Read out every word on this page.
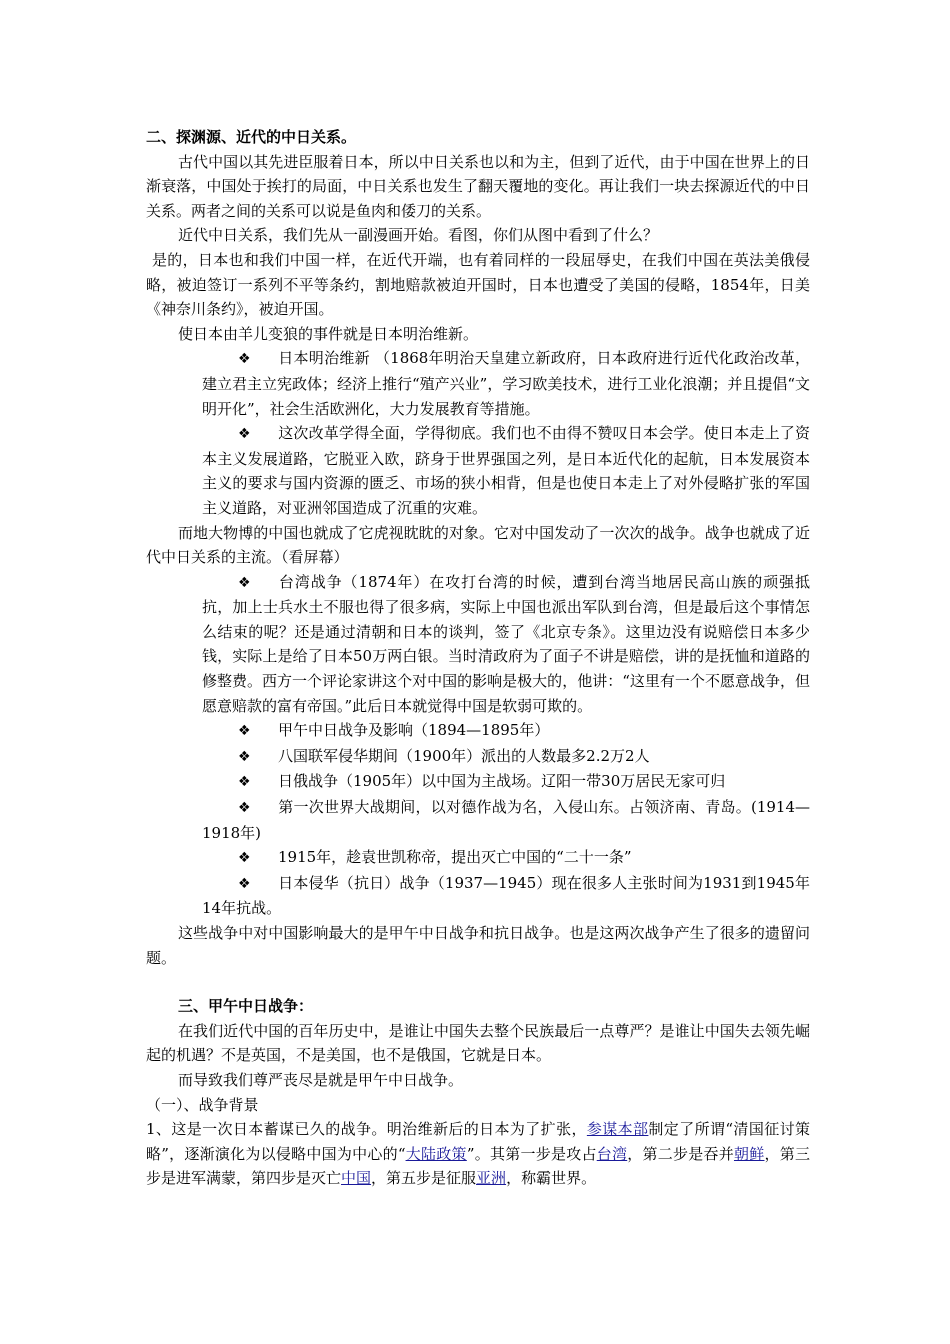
二、探渊源、近代的中日关系。

古代中国以其先进臣服着日本，所以中日关系也以和为主，但到了近代，由于中国在世界上的日渐衰落，中国处于挨打的局面，中日关系也发生了翻天覆地的变化。再让我们一块去探源近代的中日关系。两者之间的关系可以说是鱼肉和倭刀的关系。

近代中日关系，我们先从一副漫画开始。看图，你们从图中看到了什么？

是的，日本也和我们中国一样，在近代开端，也有着同样的一段屈辱史，在我们中国在英法美俄侵略，被迫签订一系列不平等条约，割地赔款被迫开国时，日本也遭受了美国的侵略，1854年，日美《神奈川条约》，被迫开国。

使日本由羊儿变狼的事件就是日本明治维新。

❖ 日本明治维新 （1868年明治天皇建立新政府，日本政府进行近代化政治改革，建立君主立宪政体；经济上推行“殖产兴业”，学习欧美技术，进行工业化浪潮；并且提倡“文明开化”，社会生活欧洲化，大力发展教育等措施。

❖ 这次改革学得全面，学得彻底。我们也不由得不赞叹日本会学。使日本走上了资本主义发展道路，它脱亚入欧，跻身于世界强国之列，是日本近代化的起航，日本发展资本主义的要求与国内资源的匮乏、市场的狭小相背，但是也使日本走上了对外侵略扩张的军国主义道路，对亚洲邻国造成了沉重的灾难。

而地大物博的中国也就成了它虎视眈眈的对象。它对中国发动了一次次的战争。战争也就成了近代中日关系的主流。（看屏幕）

❖ 台湾战争（1874年）在攻打台湾的时候，遭到台湾当地居民高山族的顽强抵抗，加上士兵水土不服也得了很多病，实际上中国也派出军队到台湾，但是最后这个事情怎么结束的呢？还是通过清朝和日本的谈判，签了《北京专条》。这里边没有说赔偿日本多少钱，实际上是给了日本50万两白银。当时清政府为了面子不讲是赔偿，讲的是抚恤和道路的修整费。西方一个评论家讲这个对中国的影响是极大的，他讲：“这里有一个不愿意战争，但愿意赔款的富有帝国。”此后日本就觉得中国是软弱可欺的。

❖ 甲午中日战争及影响（1894—1895年）

❖ 八国联军侵华期间（1900年）派出的人数最多2.2万2人

❖ 日俄战争（1905年）以中国为主战场。辽阳一带30万居民无家可归

❖ 第一次世界大战期间，以对德作战为名，入侵山东。占领济南、青岛。(1914—1918年)

❖ 1915年，趁袁世凯称帝，提出灭亡中国的“二十一条”

❖ 日本侵华（抗日）战争（1937—1945）现在很多人主张时间为1931到1945年14年抗战。

这些战争中对中国影响最大的是甲午中日战争和抗日战争。也是这两次战争产生了很多的遗留问题。

三、甲午中日战争：

在我们近代中国的百年历史中，是谁让中国失去整个民族最后一点尊严？是谁让中国失去领先崛起的机遇？不是英国，不是美国，也不是俄国，它就是日本。

而导致我们尊严丧尽是就是甲午中日战争。

（一）、战争背景

1、这是一次日本蓄谋已久的战争。明治维新后的日本为了扩张，参谋本部制定了所谓“清国征讨策略”，逐渐演化为以侵略中国为中心的“大陆政策”。其第一步是攻占台湾，第二步是吞并朝鲜，第三步是进军满蒙，第四步是灭亡中国，第五步是征服亚洲，称霸世界。
